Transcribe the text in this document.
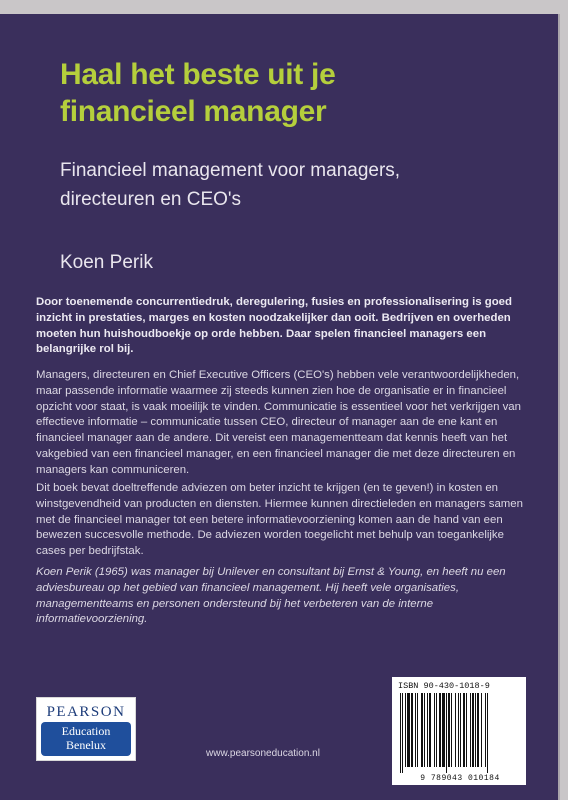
Haal het beste uit je
financieel manager
Financieel management voor managers,
directeuren en CEO's
Koen Perik
Door toenemende concurrentiedruk, deregulering, fusies en professionalisering is goed inzicht in prestaties, marges en kosten noodzakelijker dan ooit. Bedrijven en overheden moeten hun huishoudboekje op orde hebben. Daar spelen financieel managers een belangrijke rol bij.
Managers, directeuren en Chief Executive Officers (CEO's) hebben vele verantwoordelijkheden, maar passende informatie waarmee zij steeds kunnen zien hoe de organisatie er in financieel opzicht voor staat, is vaak moeilijk te vinden. Communicatie is essentieel voor het verkrijgen van effectieve informatie – communicatie tussen CEO, directeur of manager aan de ene kant en financieel manager aan de andere. Dit vereist een managementteam dat kennis heeft van het vakgebied van een financieel manager, en een financieel manager die met deze directeuren en managers kan communiceren.
Dit boek bevat doeltreffende adviezen om beter inzicht te krijgen (en te geven!) in kosten en winstgevendheid van producten en diensten. Hiermee kunnen directieleden en managers samen met de financieel manager tot een betere informatievoorziening komen aan de hand van een bewezen succesvolle methode. De adviezen worden toegelicht met behulp van toegankelijke cases per bedrijfstak.
Koen Perik (1965) was manager bij Unilever en consultant bij Ernst & Young, en heeft nu een adviesbureau op het gebied van financieel management. Hij heeft vele organisaties, managementteams en personen ondersteund bij het verbeteren van de interne informatievoorziening.
PEARSON
Education
Benelux
www.pearsoneducation.nl
ISBN 90-430-1018-9
9 789043 010184
